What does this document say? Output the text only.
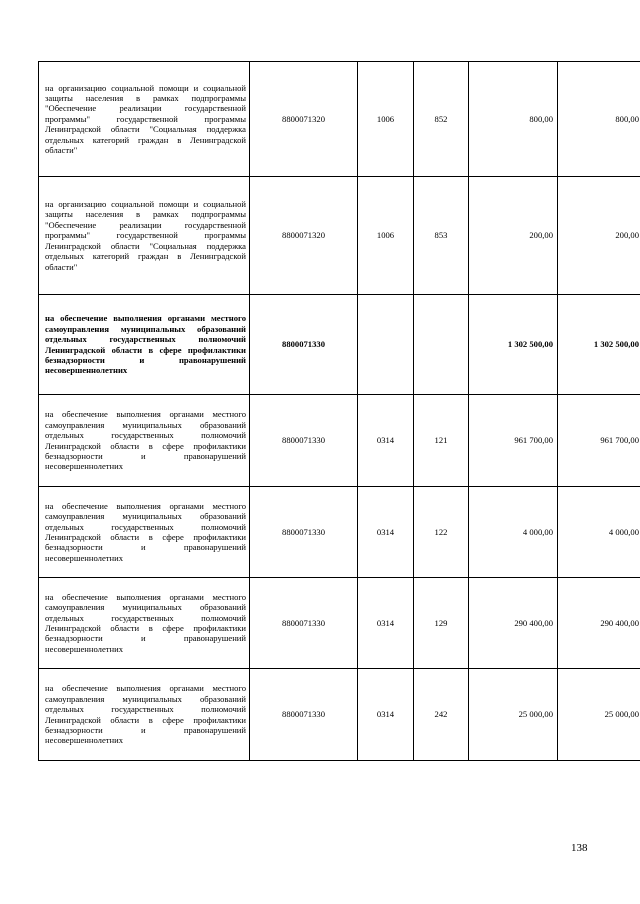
на организацию социальной помощи и социальной защиты населения в рамках подпрограммы "Обеспечение реализации государственной программы" государственной программы Ленинградской области "Социальная поддержка отдельных категорий граждан в Ленинградской области"	8800071320	1006	852	800,00	800,00
на организацию социальной помощи и социальной защиты населения в рамках подпрограммы "Обеспечение реализации государственной программы" государственной программы Ленинградской области "Социальная поддержка отдельных категорий граждан в Ленинградской области"	8800071320	1006	853	200,00	200,00
на обеспечение выполнения органами местного самоуправления муниципальных образований отдельных государственных полномочий Ленинградской области в сфере профилактики безнадзорности и правонарушений несовершеннолетних	8800071330			1 302 500,00	1 302 500,00
на обеспечение выполнения органами местного самоуправления муниципальных образований отдельных государственных полномочий Ленинградской области в сфере профилактики безнадзорности и правонарушений несовершеннолетних	8800071330	0314	121	961 700,00	961 700,00
на обеспечение выполнения органами местного самоуправления муниципальных образований отдельных государственных полномочий Ленинградской области в сфере профилактики безнадзорности и правонарушений несовершеннолетних	8800071330	0314	122	4 000,00	4 000,00
на обеспечение выполнения органами местного самоуправления муниципальных образований отдельных государственных полномочий Ленинградской области в сфере профилактики безнадзорности и правонарушений несовершеннолетних	8800071330	0314	129	290 400,00	290 400,00
на обеспечение выполнения органами местного самоуправления муниципальных образований отдельных государственных полномочий Ленинградской области в сфере профилактики безнадзорности и правонарушений несовершеннолетних	8800071330	0314	242	25 000,00	25 000,00
138
